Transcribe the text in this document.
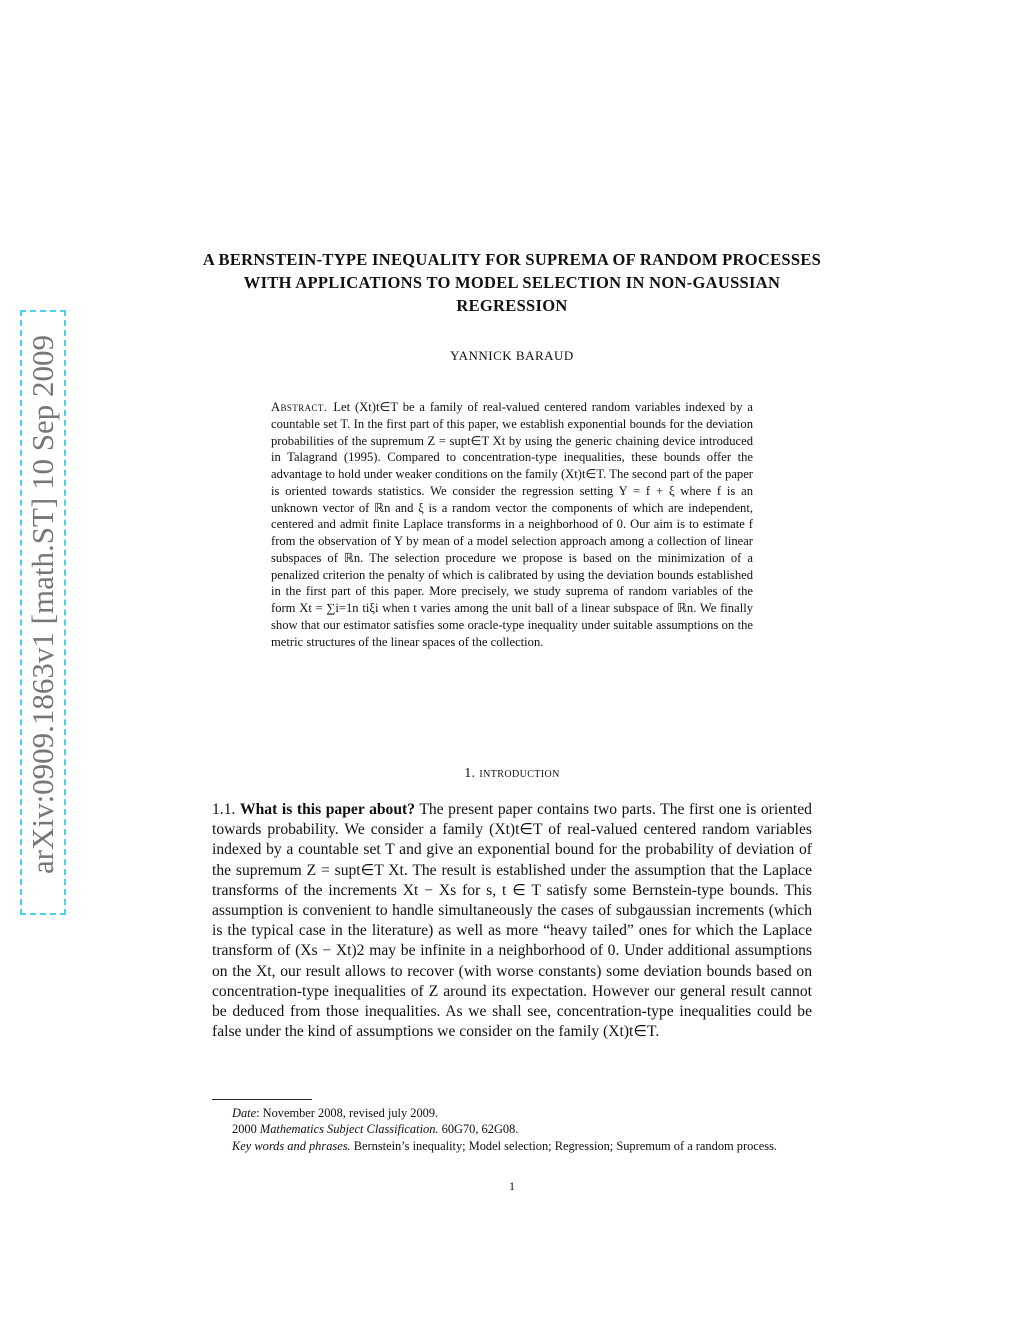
arXiv:0909.1863v1 [math.ST] 10 Sep 2009
A BERNSTEIN-TYPE INEQUALITY FOR SUPREMA OF RANDOM PROCESSES WITH APPLICATIONS TO MODEL SELECTION IN NON-GAUSSIAN REGRESSION
YANNICK BARAUD
Abstract. Let (Xt)t∈T be a family of real-valued centered random variables indexed by a countable set T. In the first part of this paper, we establish exponential bounds for the deviation probabilities of the supremum Z = supt∈T Xt by using the generic chaining device introduced in Talagrand (1995). Compared to concentration-type inequalities, these bounds offer the advantage to hold under weaker conditions on the family (Xt)t∈T. The second part of the paper is oriented towards statistics. We consider the regression setting Y = f + ξ where f is an unknown vector of ℝn and ξ is a random vector the components of which are independent, centered and admit finite Laplace transforms in a neighborhood of 0. Our aim is to estimate f from the observation of Y by mean of a model selection approach among a collection of linear subspaces of ℝn. The selection procedure we propose is based on the minimization of a penalized criterion the penalty of which is calibrated by using the deviation bounds established in the first part of this paper. More precisely, we study suprema of random variables of the form Xt = ∑i=1n tiξi when t varies among the unit ball of a linear subspace of ℝn. We finally show that our estimator satisfies some oracle-type inequality under suitable assumptions on the metric structures of the linear spaces of the collection.
1. introduction
1.1. What is this paper about? The present paper contains two parts. The first one is oriented towards probability. We consider a family (Xt)t∈T of real-valued centered random variables indexed by a countable set T and give an exponential bound for the probability of deviation of the supremum Z = supt∈T Xt. The result is established under the assumption that the Laplace transforms of the increments Xt − Xs for s, t ∈ T satisfy some Bernstein-type bounds. This assumption is convenient to handle simultaneously the cases of subgaussian increments (which is the typical case in the literature) as well as more “heavy tailed” ones for which the Laplace transform of (Xs − Xt)2 may be infinite in a neighborhood of 0. Under additional assumptions on the Xt, our result allows to recover (with worse constants) some deviation bounds based on concentration-type inequalities of Z around its expectation. However our general result cannot be deduced from those inequalities. As we shall see, concentration-type inequalities could be false under the kind of assumptions we consider on the family (Xt)t∈T.

Date: November 2008, revised july 2009.

2000 Mathematics Subject Classification. 60G70, 62G08.

Key words and phrases. Bernstein’s inequality; Model selection; Regression; Supremum of a random process.

1
